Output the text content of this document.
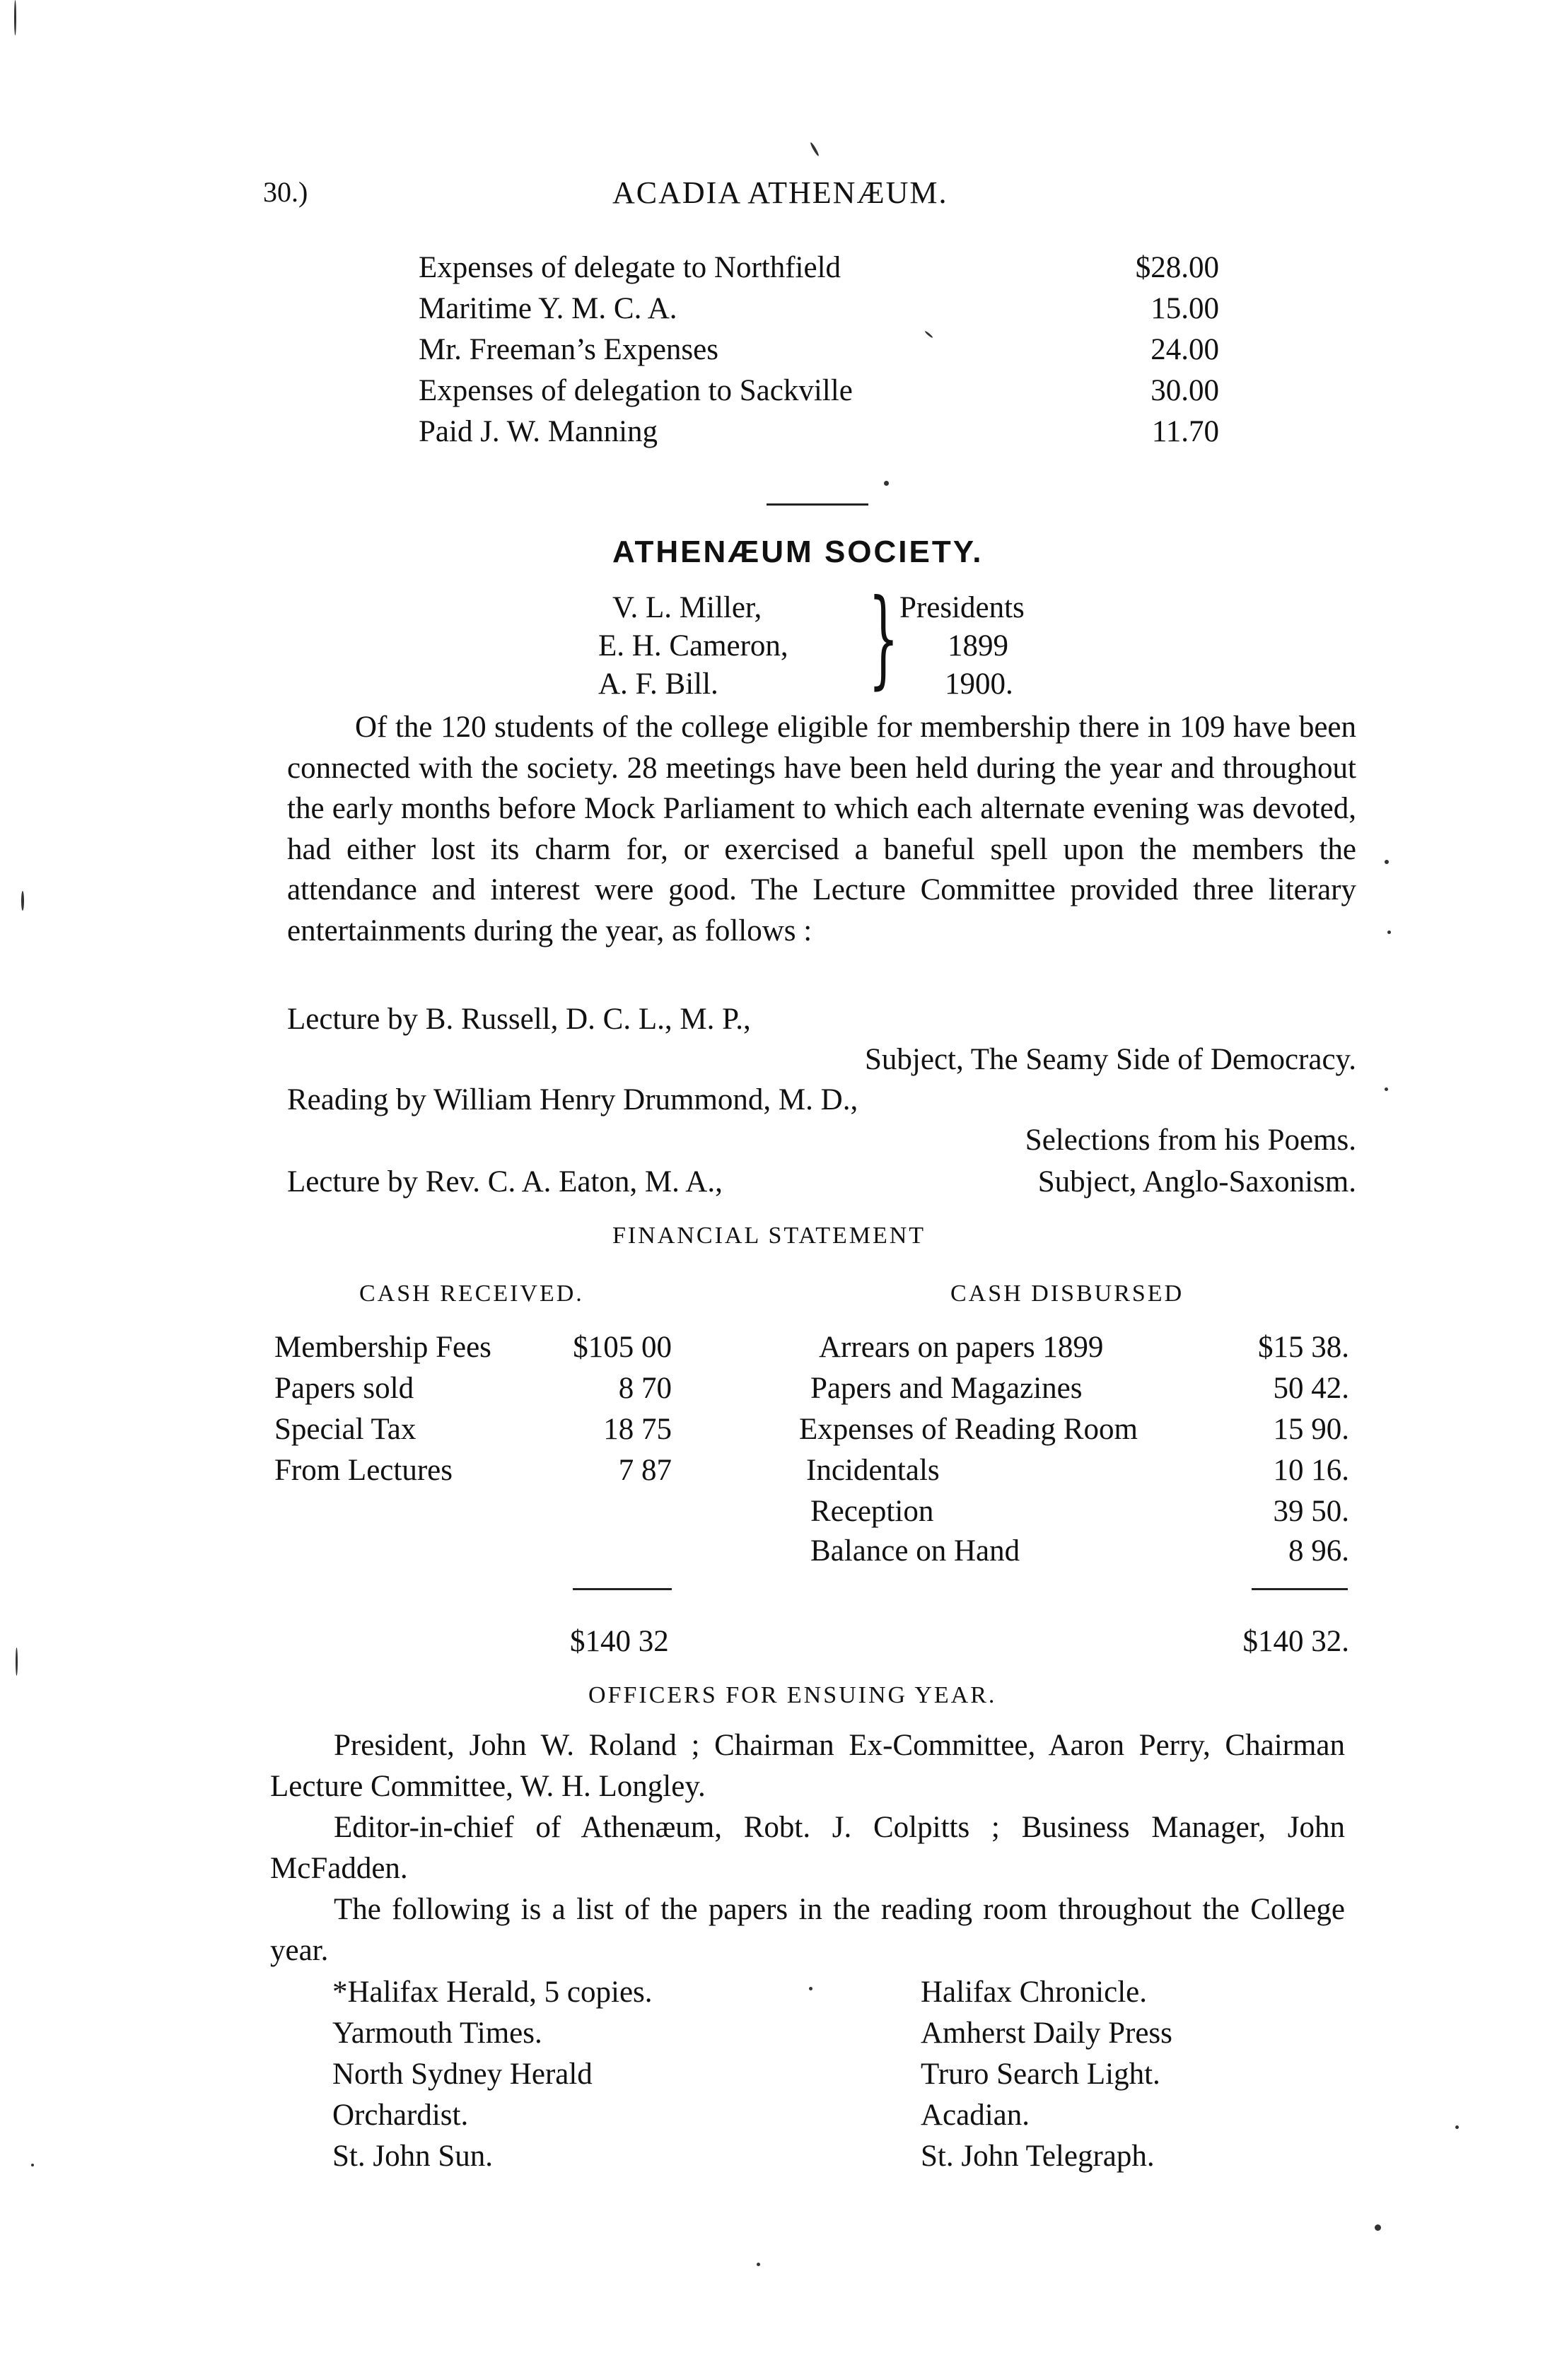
30.)	ACADIA ATHENÆUM.
Expenses of delegate to Northfield	$28.00
Maritime Y. M. C. A.	15.00
Mr. Freeman’s Expenses	24.00
Expenses of delegation to Sackville	30.00
Paid J. W. Manning	11.70
ATHENÆUM SOCIETY.
V. L. Miller,
E. H. Cameron,
A. F. Bill. } Presidents
1899
1900.
Of the 120 students of the college eligible for membership there in 109 have been connected with the society. 28 meetings have been held during the year and throughout the early months before Mock Parliament to which each alternate evening was devoted, had either lost its charm for, or exercised a baneful spell upon the members the attendance and interest were good. The Lecture Committee provided three literary entertainments during the year, as follows :
Lecture by B. Russell, D. C. L., M. P.,
Subject, The Seamy Side of Democracy.
Reading by William Henry Drummond, M. D.,
Selections from his Poems.
Lecture by Rev. C. A. Eaton, M. A.,	Subject, Anglo-Saxonism.
FINANCIAL STATEMENT
CASH RECEIVED.	CASH DISBURSED
Membership Fees	$105 00
Papers sold	8 70
Special Tax	18 75
From Lectures	7 87
Arrears on papers 1899	$15 38.
Papers and Magazines	50 42.
Expenses of Reading Room	15 90.
Incidentals	10 16.
Reception	39 50.
Balance on Hand	8 96.
$140 32	$140 32.
OFFICERS FOR ENSUING YEAR.
President, John W. Roland ; Chairman Ex-Committee, Aaron Perry, Chairman Lecture Committee, W. H. Longley.
Editor-in-chief of Athenæum, Robt. J. Colpitts ; Business Manager, John McFadden.
The following is a list of the papers in the reading room throughout the College year.
*Halifax Herald, 5 copies.
Yarmouth Times.
North Sydney Herald
Orchardist.
St. John Sun.
Halifax Chronicle.
Amherst Daily Press
Truro Search Light.
Acadian.
St. John Telegraph.
